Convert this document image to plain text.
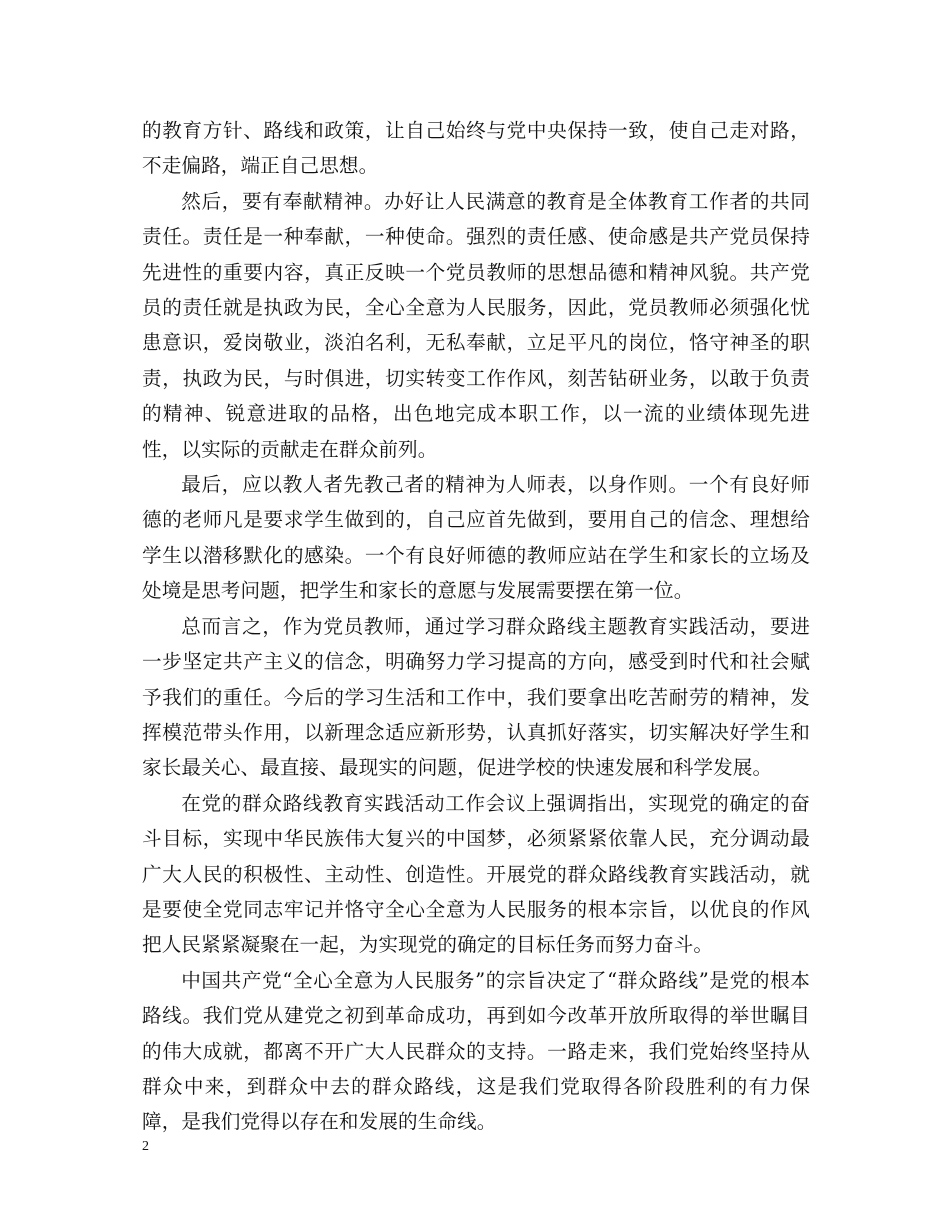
的教育方针、路线和政策，让自己始终与党中央保持一致，使自己走对路，不走偏路，端正自己思想。

然后，要有奉献精神。办好让人民满意的教育是全体教育工作者的共同责任。责任是一种奉献，一种使命。强烈的责任感、使命感是共产党员保持先进性的重要内容，真正反映一个党员教师的思想品德和精神风貌。共产党员的责任就是执政为民，全心全意为人民服务，因此，党员教师必须强化忧患意识，爱岗敬业，淡泊名利，无私奉献，立足平凡的岗位，恪守神圣的职责，执政为民，与时俱进，切实转变工作作风，刻苦钻研业务，以敢于负责的精神、锐意进取的品格，出色地完成本职工作，以一流的业绩体现先进性，以实际的贡献走在群众前列。

最后，应以教人者先教己者的精神为人师表，以身作则。一个有良好师德的老师凡是要求学生做到的，自己应首先做到，要用自己的信念、理想给学生以潜移默化的感染。一个有良好师德的教师应站在学生和家长的立场及处境是思考问题，把学生和家长的意愿与发展需要摆在第一位。

总而言之，作为党员教师，通过学习群众路线主题教育实践活动，要进一步坚定共产主义的信念，明确努力学习提高的方向，感受到时代和社会赋予我们的重任。今后的学习生活和工作中，我们要拿出吃苦耐劳的精神，发挥模范带头作用，以新理念适应新形势，认真抓好落实，切实解决好学生和家长最关心、最直接、最现实的问题，促进学校的快速发展和科学发展。

在党的群众路线教育实践活动工作会议上强调指出，实现党的确定的奋斗目标，实现中华民族伟大复兴的中国梦，必须紧紧依靠人民，充分调动最广大人民的积极性、主动性、创造性。开展党的群众路线教育实践活动，就是要使全党同志牢记并恪守全心全意为人民服务的根本宗旨，以优良的作风把人民紧紧凝聚在一起，为实现党的确定的目标任务而努力奋斗。

中国共产党“全心全意为人民服务”的宗旨决定了“群众路线”是党的根本路线。我们党从建党之初到革命成功，再到如今改革开放所取得的举世瞩目的伟大成就，都离不开广大人民群众的支持。一路走来，我们党始终坚持从群众中来，到群众中去的群众路线，这是我们党取得各阶段胜利的有力保障，是我们党得以存在和发展的生命线。

2
